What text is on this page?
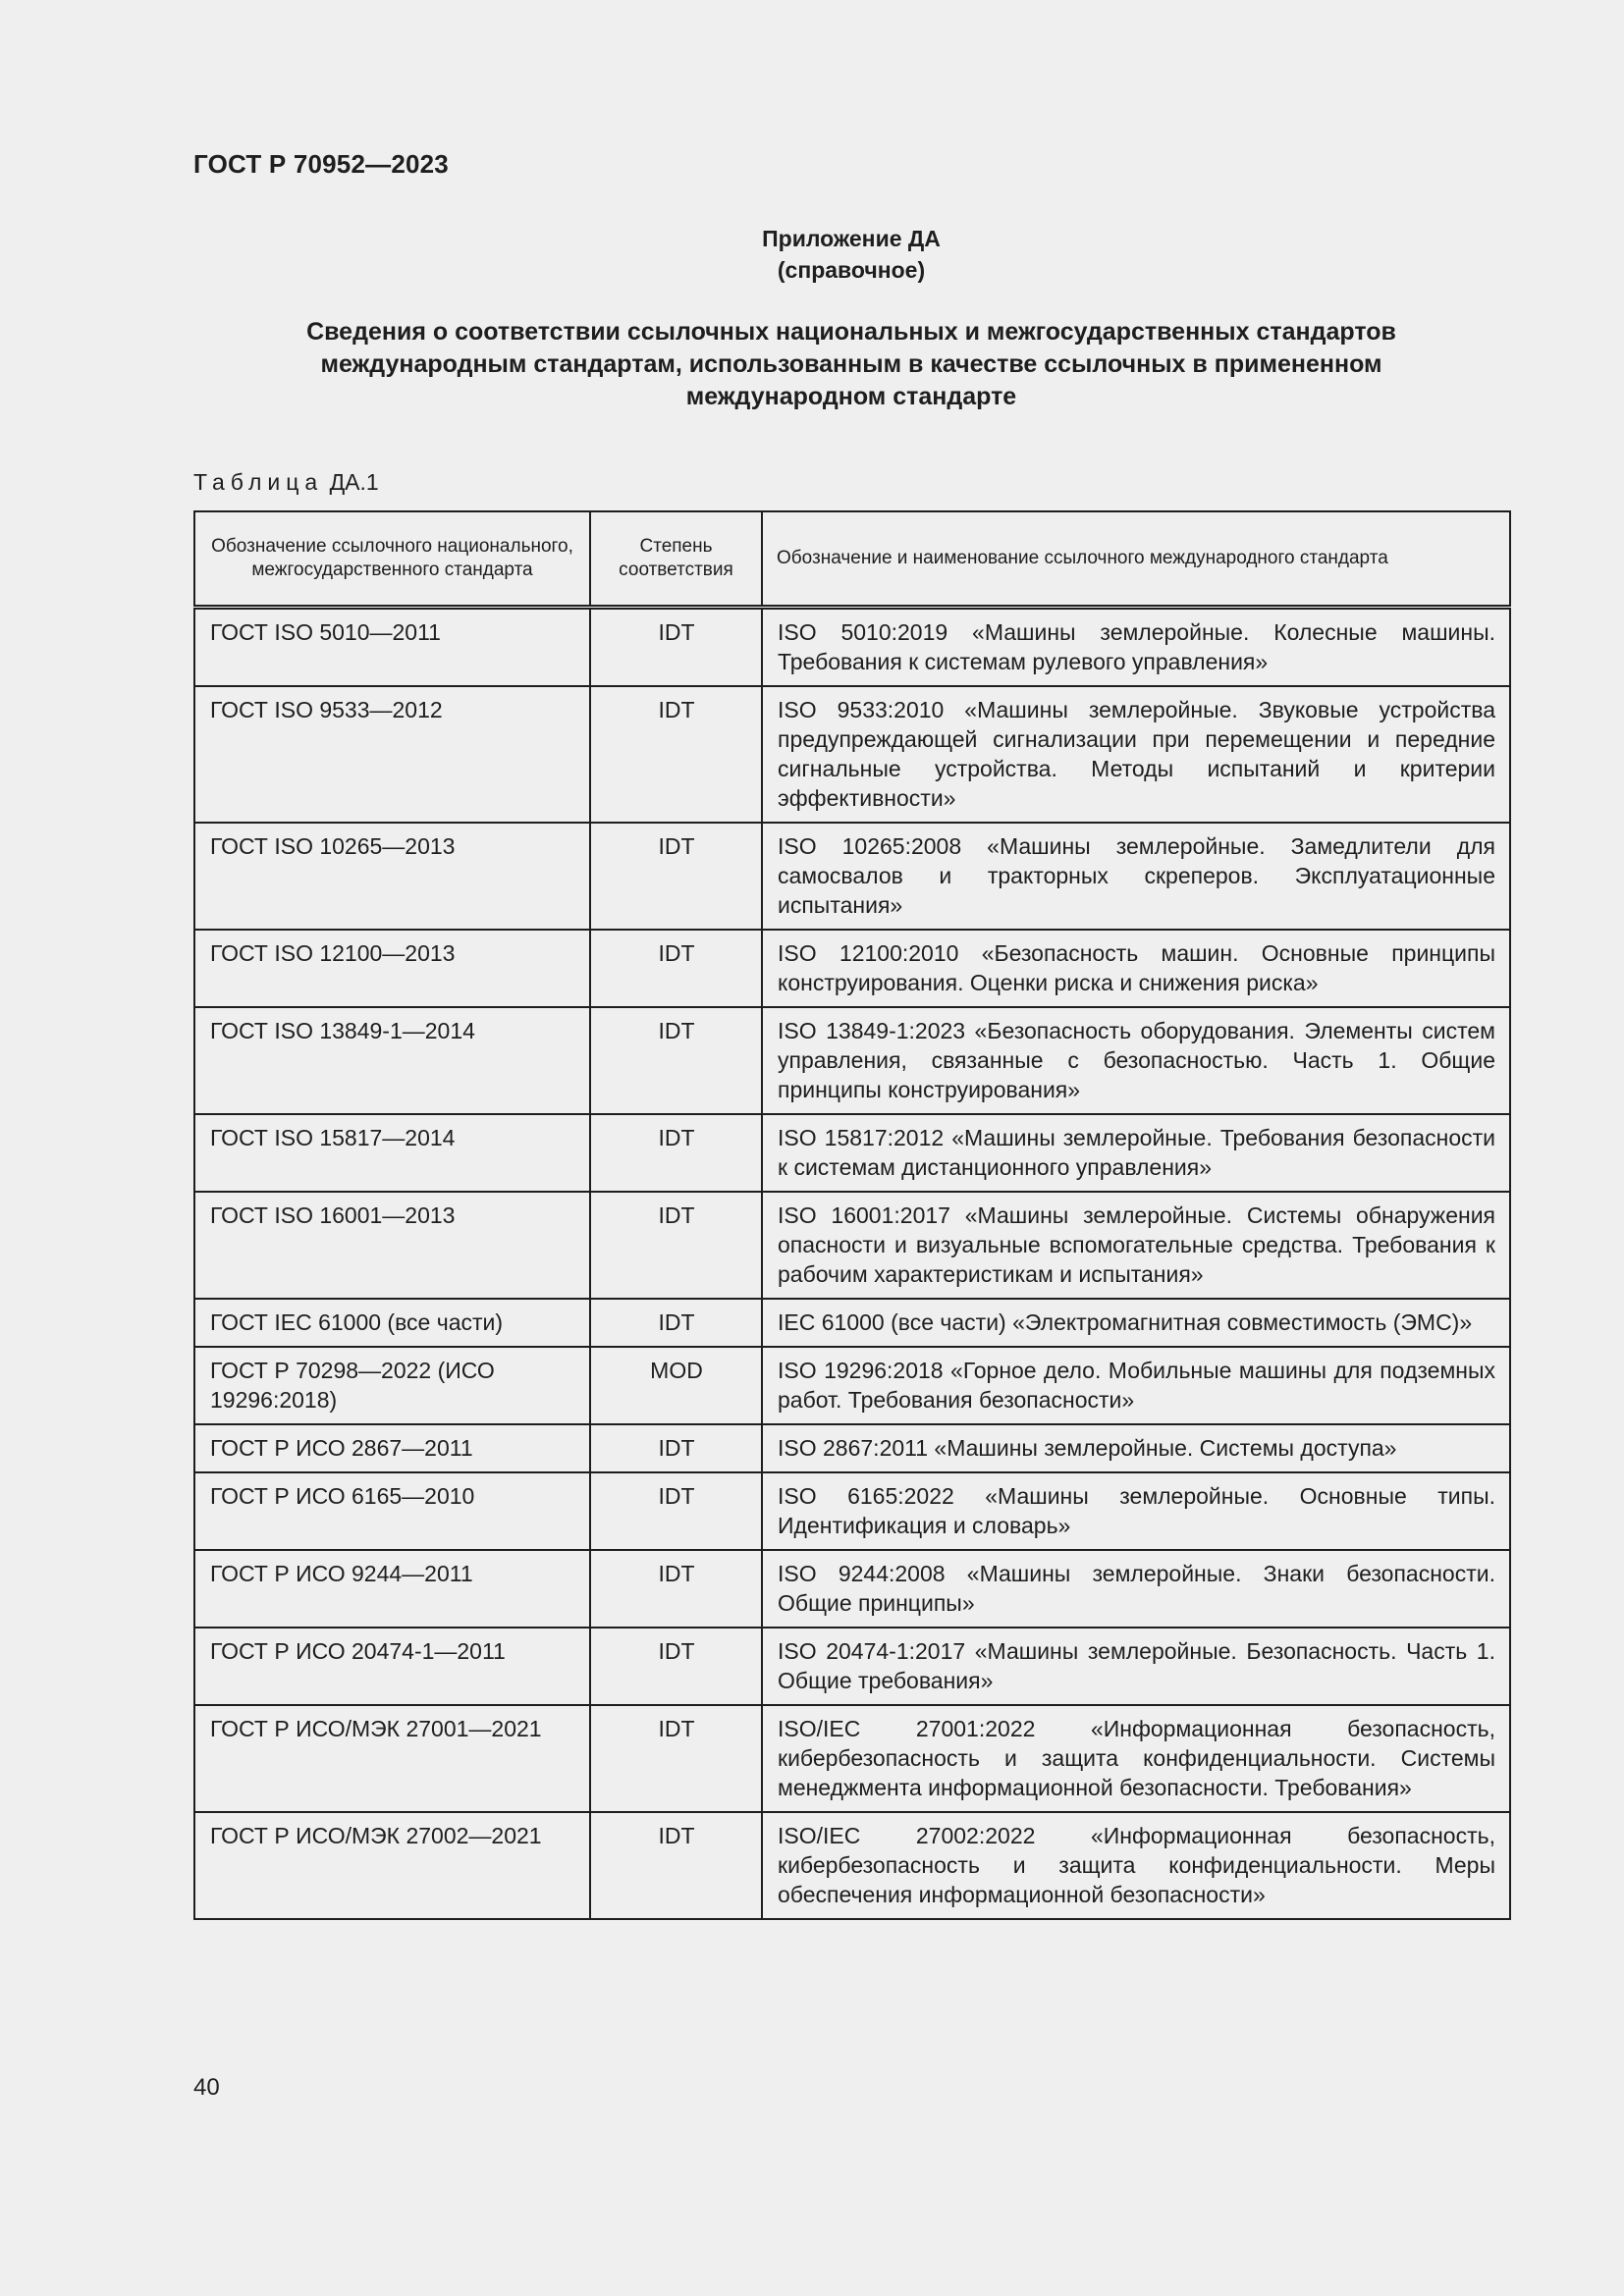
ГОСТ Р 70952—2023
Приложение ДА
(справочное)
Сведения о соответствии ссылочных национальных и межгосударственных стандартов
международным стандартам, использованным в качестве ссылочных в примененном
международном стандарте
Таблица ДА.1
Обозначение ссылочного национального, межгосударственного стандарта	Степень соответствия	Обозначение и наименование ссылочного международного стандарта
ГОСТ ISO 5010—2011	IDT	ISO 5010:2019 «Машины землеройные. Колесные машины. Требования к системам рулевого управления»
ГОСТ ISO 9533—2012	IDT	ISO 9533:2010 «Машины землеройные. Звуковые устройства предупреждающей сигнализации при перемещении и передние сигнальные устройства. Методы испытаний и критерии эффективности»
ГОСТ ISO 10265—2013	IDT	ISO 10265:2008 «Машины землеройные. Замедлители для самосвалов и тракторных скреперов. Эксплуатационные испытания»
ГОСТ ISO 12100—2013	IDT	ISO 12100:2010 «Безопасность машин. Основные принципы конструирования. Оценки риска и снижения риска»
ГОСТ ISO 13849-1—2014	IDT	ISO 13849-1:2023 «Безопасность оборудования. Элементы систем управления, связанные с безопасностью. Часть 1. Общие принципы конструирования»
ГОСТ ISO 15817—2014	IDT	ISO 15817:2012 «Машины землеройные. Требования безопасности к системам дистанционного управления»
ГОСТ ISO 16001—2013	IDT	ISO 16001:2017 «Машины землеройные. Системы обнаружения опасности и визуальные вспомогательные средства. Требования к рабочим характеристикам и испытания»
ГОСТ IEC 61000 (все части)	IDT	IEC 61000 (все части) «Электромагнитная совместимость (ЭМС)»
ГОСТ Р 70298—2022 (ИСО 19296:2018)	MOD	ISO 19296:2018 «Горное дело. Мобильные машины для подземных работ. Требования безопасности»
ГОСТ Р ИСО 2867—2011	IDT	ISO 2867:2011 «Машины землеройные. Системы доступа»
ГОСТ Р ИСО 6165—2010	IDT	ISO 6165:2022 «Машины землеройные. Основные типы. Идентификация и словарь»
ГОСТ Р ИСО 9244—2011	IDT	ISO 9244:2008 «Машины землеройные. Знаки безопасности. Общие принципы»
ГОСТ Р ИСО 20474-1—2011	IDT	ISO 20474-1:2017 «Машины землеройные. Безопасность. Часть 1. Общие требования»
ГОСТ Р ИСО/МЭК 27001—2021	IDT	ISO/IEC 27001:2022 «Информационная безопасность, кибербезопасность и защита конфиденциальности. Системы менеджмента информационной безопасности. Требования»
ГОСТ Р ИСО/МЭК 27002—2021	IDT	ISO/IEC 27002:2022 «Информационная безопасность, кибербезопасность и защита конфиденциальности. Меры обеспечения информационной безопасности»
40
